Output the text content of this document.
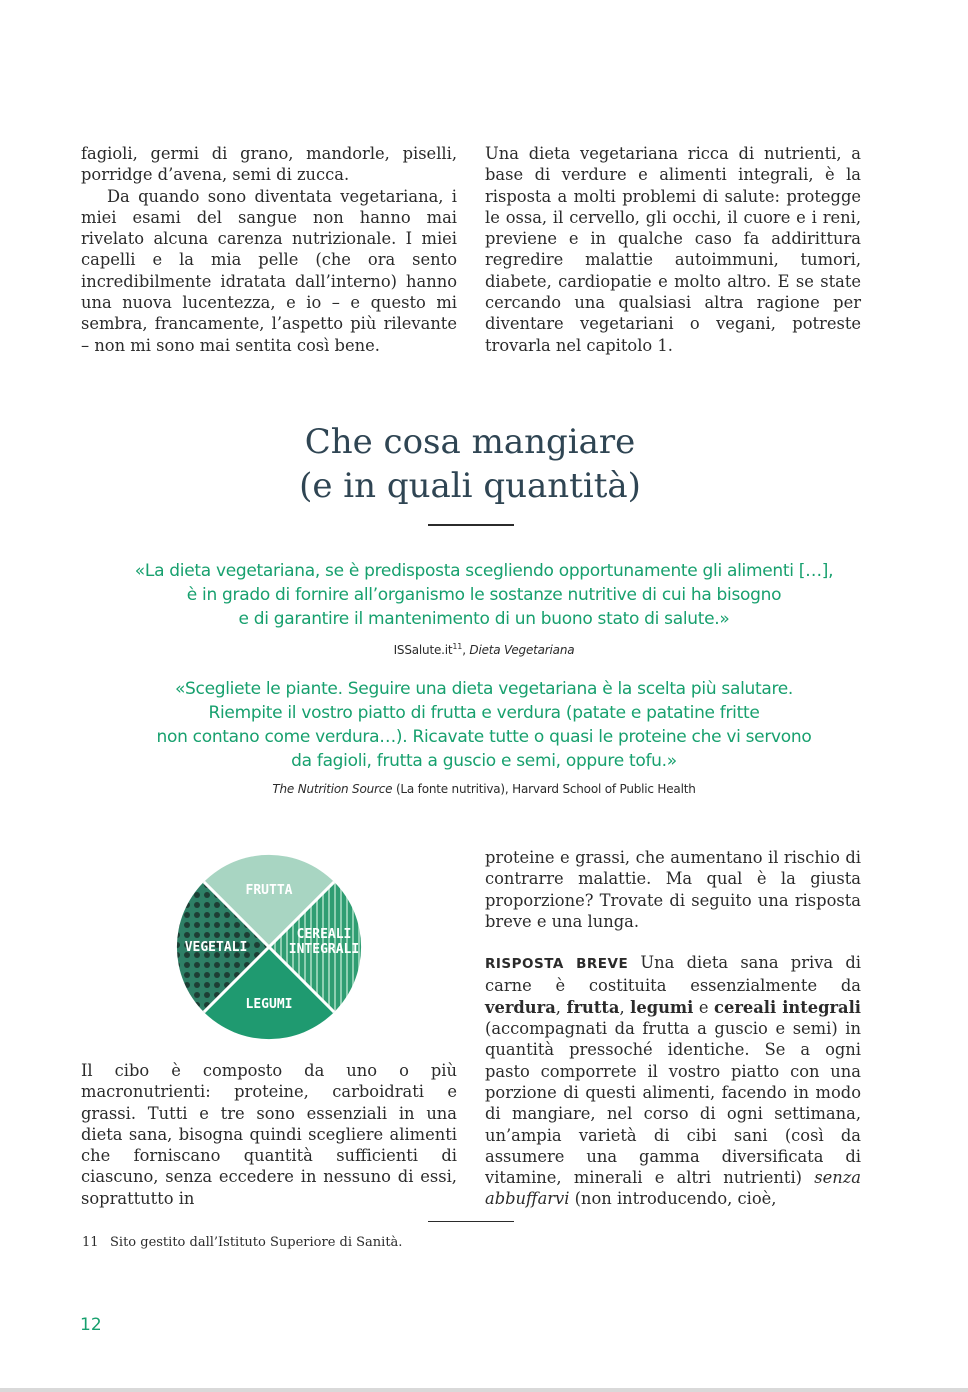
fagioli, germi di grano, mandorle, piselli, porridge d’avena, semi di zucca.

Da quando sono diventata vegetariana, i miei esami del sangue non hanno mai rivelato alcuna carenza nutrizionale. I miei capelli e la mia pelle (che ora sento incredibilmente idratata dall’interno) hanno una nuova lucentezza, e io – e questo mi sembra, francamente, l’aspetto più rilevante – non mi sono mai sentita così bene.

Una dieta vegetariana ricca di nutrienti, a base di verdure e alimenti integrali, è la risposta a molti problemi di salute: protegge le ossa, il cervello, gli occhi, il cuore e i reni, previene e in qualche caso fa addirittura regredire malattie autoimmuni, tumori, diabete, cardiopatie e molto altro. E se state cercando una qualsiasi altra ragione per diventare vegetariani o vegani, potreste trovarla nel capitolo 1.

Che cosa mangiare
(e in quali quantità)

«La dieta vegetariana, se è predisposta scegliendo opportunamente gli alimenti […],
è in grado di fornire all’organismo le sostanze nutritive di cui ha bisogno
e di garantire il mantenimento di un buono stato di salute.»

$ISSalute.it^{11}$, Dieta Vegetariana

«Scegliete le piante. Seguire una dieta vegetariana è la scelta più salutare.
Riempite il vostro piatto di frutta e verdura (patate e patatine fritte
non contano come verdura…). Ricavate tutte o quasi le proteine che vi servono
da fagioli, frutta a guscio e semi, oppure tofu.»

The Nutrition Source (La fonte nutritiva), Harvard School of Public Health
FRUTTA
CEREALI
INTEGRALI
VEGETALI
LEGUMI

Il cibo è composto da uno o più macronutrienti: proteine, carboidrati e grassi. Tutti e tre sono essenziali in una dieta sana, bisogna quindi scegliere alimenti che forniscano quantità sufficienti di ciascuno, senza eccedere in nessuno di essi, soprattutto in

proteine e grassi, che aumentano il rischio di contrarre malattie. Ma qual è la giusta proporzione? Trovate di seguito una risposta breve e una lunga.

RISPOSTA BREVE Una dieta sana priva di carne è costituita essenzialmente da verdura, frutta, legumi e cereali integrali (accompagnati da frutta a guscio e semi) in quantità pressoché identiche. Se a ogni pasto comporrete il vostro piatto con una porzione di questi alimenti, facendo in modo di mangiare, nel corso di ogni settimana, un’ampia varietà di cibi sani (così da assumere una gamma diversificata di vitamine, minerali e altri nutrienti) senza abbuffarvi (non introducendo, cioè,

11 Sito gestito dall’Istituto Superiore di Sanità.
12
